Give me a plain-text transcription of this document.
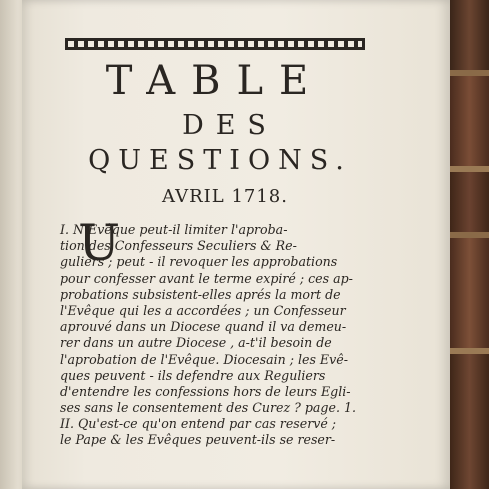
TABLE
DES
QUESTIONS.
AVRIL 1718.
U
I. N Evêque peut-il limiter l'aproba-
tion des Confesseurs Seculiers & Re-
guliers ; peut - il revoquer les approbations
pour confesser avant le terme expiré ; ces ap-
probations subsistent-elles aprés la mort de
l'Evêque qui les a accordées ; un Confesseur
aprouvé dans un Diocese quand il va demeu-
rer dans un autre Diocese , a-t'il besoin de
l'aprobation de l'Evêque. Diocesain ; les Evê-
ques peuvent - ils defendre aux Reguliers
d'entendre les confessions hors de leurs Egli-
ses sans le consentement des Curez ? page. 1.
II. Qu'est-ce qu'on entend par cas reservé ;
le Pape & les Evêques peuvent-ils se reser-
